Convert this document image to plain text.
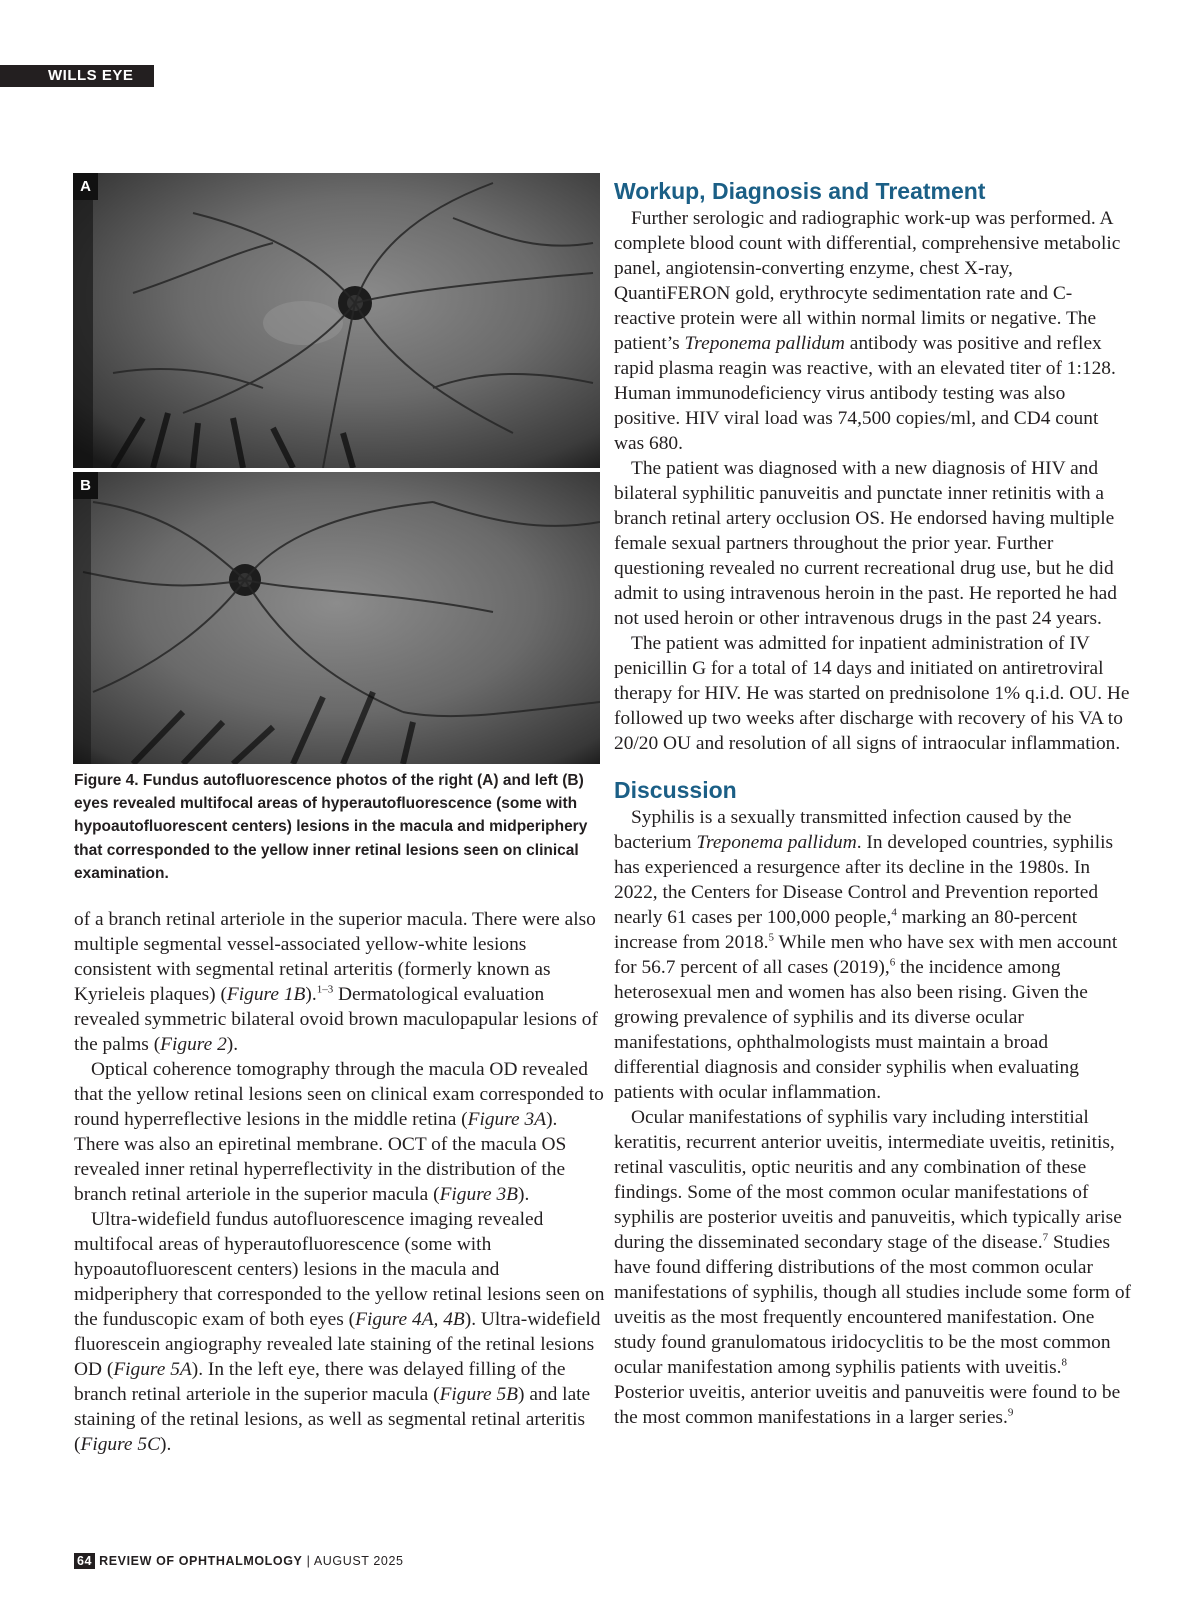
WILLS EYE
A
B

Figure 4. Fundus autofluorescence photos of the right (A) and left (B) eyes revealed multifocal areas of hyperautofluorescence (some with hypoautofluorescent centers) lesions in the macula and midperiphery that corresponded to the yellow inner retinal lesions seen on clinical examination.

of a branch retinal arteriole in the superior macula. There were also multiple segmental vessel-associated yellow-white lesions consistent with segmental retinal arteritis (formerly known as Kyrieleis plaques) (Figure 1B).$^{1-3}$ Dermatological evaluation revealed symmetric bilateral ovoid brown maculopapular lesions of the palms (Figure 2).

Optical coherence tomography through the macula OD revealed that the yellow retinal lesions seen on clinical exam corresponded to round hyperreflective lesions in the middle retina (Figure 3A). There was also an epiretinal membrane. OCT of the macula OS revealed inner retinal hyperreflectivity in the distribution of the branch retinal arteriole in the superior macula (Figure 3B).

Ultra-widefield fundus autofluorescence imaging revealed multifocal areas of hyperautofluorescence (some with hypoautofluorescent centers) lesions in the macula and midperiphery that corresponded to the yellow retinal lesions seen on the funduscopic exam of both eyes (Figure 4A, 4B). Ultra-widefield fluorescein angiography revealed late staining of the retinal lesions OD (Figure 5A). In the left eye, there was delayed filling of the branch retinal arteriole in the superior macula (Figure 5B) and late staining of the retinal lesions, as well as segmental retinal arteritis (Figure 5C).

Workup, Diagnosis and Treatment

Further serologic and radiographic work-up was performed. A complete blood count with differential, comprehensive metabolic panel, angiotensin-converting enzyme, chest X-ray, QuantiFERON gold, erythrocyte sedimentation rate and C-reactive protein were all within normal limits or negative. The patient’s Treponema pallidum antibody was positive and reflex rapid plasma reagin was reactive, with an elevated titer of 1:128. Human immunodeficiency virus antibody testing was also positive. HIV viral load was 74,500 copies/ml, and CD4 count was 680.

The patient was diagnosed with a new diagnosis of HIV and bilateral syphilitic panuveitis and punctate inner retinitis with a branch retinal artery occlusion OS. He endorsed having multiple female sexual partners throughout the prior year. Further questioning revealed no current recreational drug use, but he did admit to using intravenous heroin in the past. He reported he had not used heroin or other intravenous drugs in the past 24 years.

The patient was admitted for inpatient administration of IV penicillin G for a total of 14 days and initiated on antiretroviral therapy for HIV. He was started on prednisolone 1% q.i.d. OU. He followed up two weeks after discharge with recovery of his VA to 20/20 OU and resolution of all signs of intraocular inflammation.

Discussion

Syphilis is a sexually transmitted infection caused by the bacterium Treponema pallidum. In developed countries, syphilis has experienced a resurgence after its decline in the 1980s. In 2022, the Centers for Disease Control and Prevention reported nearly 61 cases per 100,000 people,$^4$ marking an 80-percent increase from 2018.$^5$ While men who have sex with men account for 56.7 percent of all cases (2019),$^6$ the incidence among heterosexual men and women has also been rising. Given the growing prevalence of syphilis and its diverse ocular manifestations, ophthalmologists must maintain a broad differential diagnosis and consider syphilis when evaluating patients with ocular inflammation.

Ocular manifestations of syphilis vary including interstitial keratitis, recurrent anterior uveitis, intermediate uveitis, retinitis, retinal vasculitis, optic neuritis and any combination of these findings. Some of the most common ocular manifestations of syphilis are posterior uveitis and panuveitis, which typically arise during the disseminated secondary stage of the disease.$^7$ Studies have found differing distributions of the most common ocular manifestations of syphilis, though all studies include some form of uveitis as the most frequently encountered manifestation. One study found granulomatous iridocyclitis to be the most common ocular manifestation among syphilis patients with uveitis.$^8$ Posterior uveitis, anterior uveitis and panuveitis were found to be the most common manifestations in a larger series.$^9$

64 REVIEW OF OPHTHALMOLOGY | AUGUST 2025
